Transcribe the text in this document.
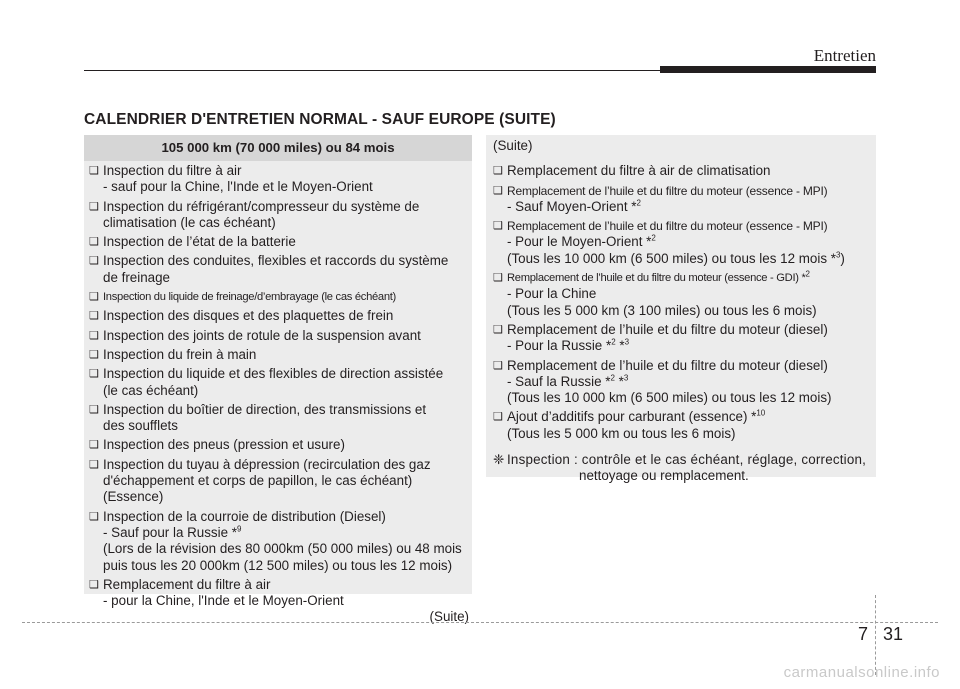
Entretien
CALENDRIER D'ENTRETIEN NORMAL - SAUF EUROPE (SUITE)
105 000 km (70 000 miles) ou 84 mois
❑ Inspection du filtre à air
- sauf pour la Chine, l'Inde et le Moyen-Orient
❑ Inspection du réfrigérant/compresseur du système de
climatisation (le cas échéant)
❑ Inspection de l’état de la batterie
❑ Inspection des conduites, flexibles et raccords du système
de freinage
❑ Inspection du liquide de freinage/d’embrayage (le cas échéant)
❑ Inspection des disques et des plaquettes de frein
❑ Inspection des joints de rotule de la suspension avant
❑ Inspection du frein à main
❑ Inspection du liquide et des flexibles de direction assistée
(le cas échéant)
❑ Inspection du boîtier de direction, des transmissions et
des soufflets
❑ Inspection des pneus (pression et usure)
❑ Inspection du tuyau à dépression (recirculation des gaz
d'échappement et corps de papillon, le cas échéant)
(Essence)
❑ Inspection de la courroie de distribution (Diesel)
- Sauf pour la Russie *$^9$
(Lors de la révision des 80 000km (50 000 miles) ou 48 mois
puis tous les 20 000km (12 500 miles) ou tous les 12 mois)
❑ Remplacement du filtre à air
- pour la Chine, l'Inde et le Moyen-Orient
(Suite)
(Suite)
❑ Remplacement du filtre à air de climatisation
❑ Remplacement de l’huile et du filtre du moteur (essence - MPI)
- Sauf Moyen-Orient *$^2$
❑ Remplacement de l’huile et du filtre du moteur (essence - MPI)
- Pour le Moyen-Orient *$^2$
(Tous les 10 000 km (6 500 miles) ou tous les 12 mois *$^3$)
❑ Remplacement de l’huile et du filtre du moteur (essence - GDI) *$^2$
- Pour la Chine
(Tous les 5 000 km (3 100 miles) ou tous les 6 mois)
❑ Remplacement de l’huile et du filtre du moteur (diesel)
- Pour la Russie *$^2$ *$^3$
❑ Remplacement de l’huile et du filtre du moteur (diesel)
- Sauf la Russie *$^2$ *$^3$
(Tous les 10 000 km (6 500 miles) ou tous les 12 mois)
❑ Ajout d’additifs pour carburant (essence) *$^{10}$
(Tous les 5 000 km ou tous les 6 mois)
❈ Inspection : contrôle et le cas échéant, réglage, correction,
nettoyage ou remplacement.
7 31
carmanualsonline.info
